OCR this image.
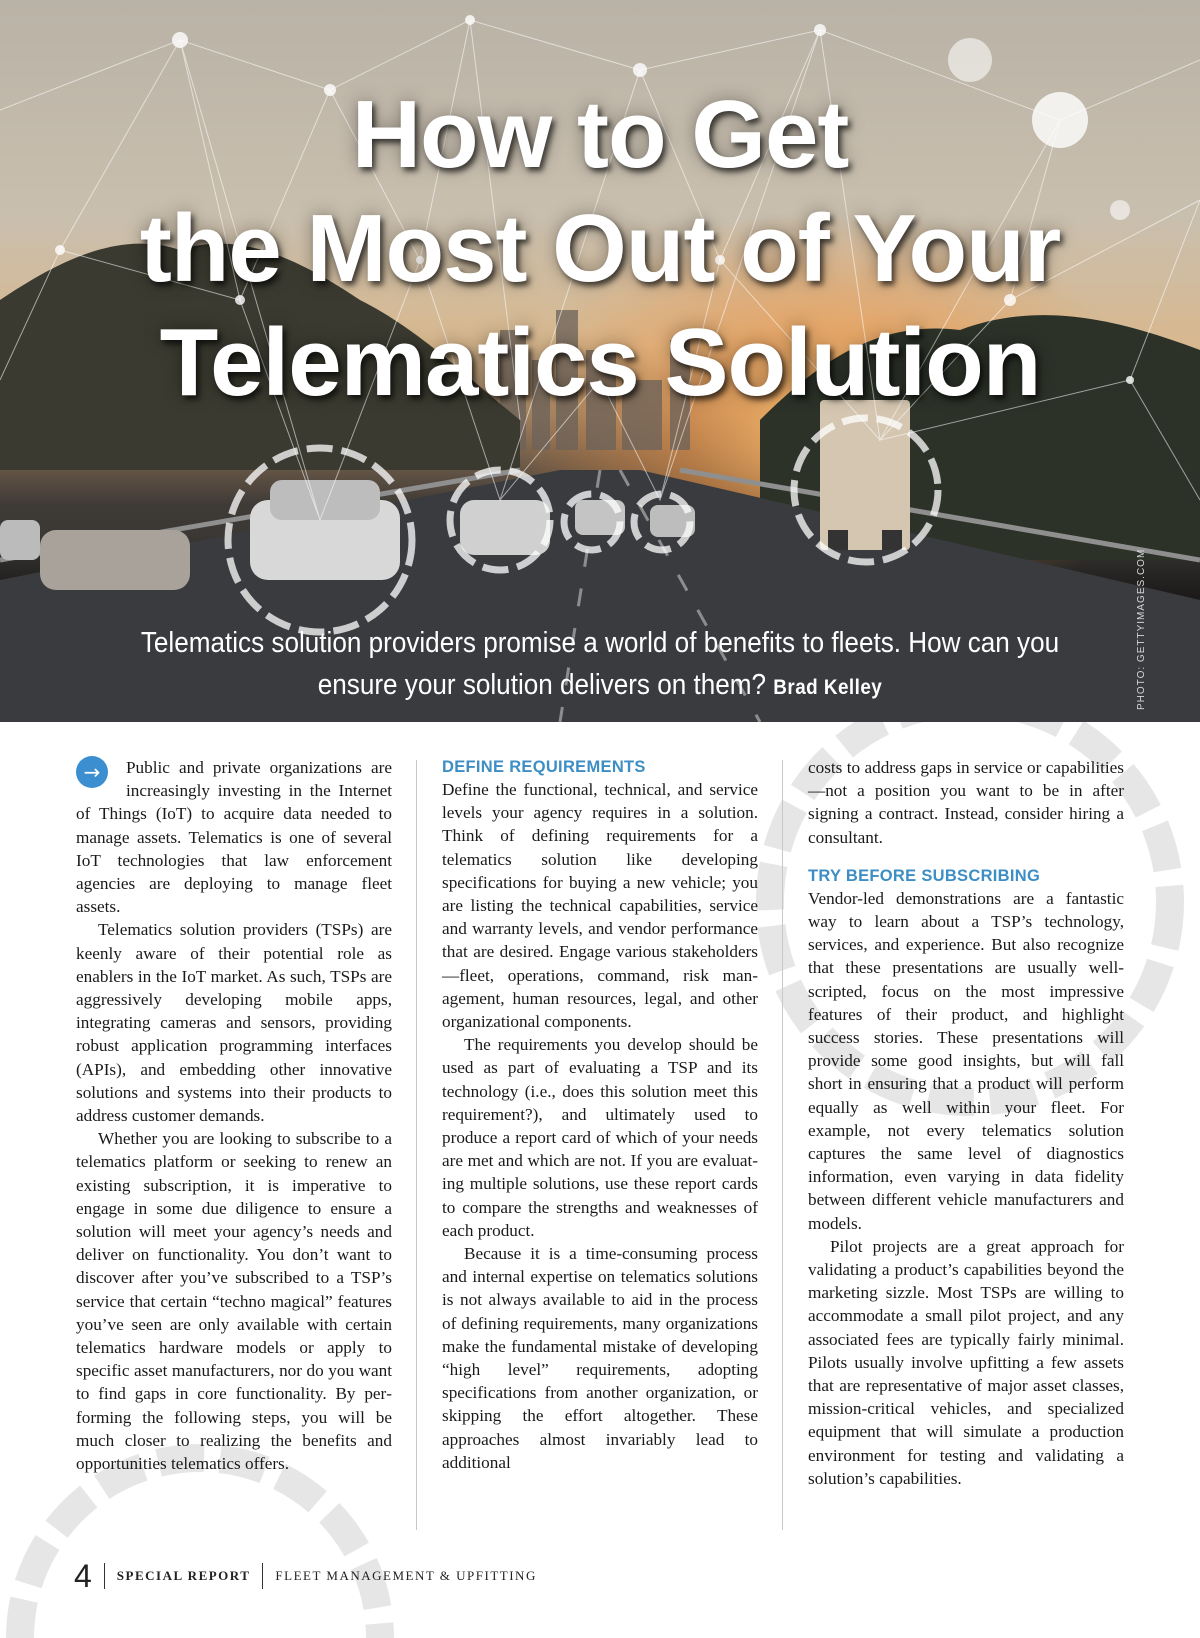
How to Get
the Most Out of Your
Telematics Solution

Telematics solution providers promise a world of benefits to fleets. How can you ensure your solution delivers on them? Brad Kelley	PHOTO: GETTYIMAGES.COM

→	Public and private organizations are increasingly investing in the Internet of Things (IoT) to acquire data needed to manage assets. Telematics is one of several IoT technologies that law enforcement agencies are deploying to manage fleet assets.

Telematics solution providers (TSPs) are keenly aware of their potential role as enablers in the IoT market. As such, TSPs are aggressively developing mobile apps, integrating cameras and sensors, providing robust application programming interfaces (APIs), and embedding other innovative solutions and systems into their products to address customer demands.

Whether you are looking to subscribe to a telematics platform or seeking to renew an existing subscription, it is imperative to engage in some due diligence to ensure a solution will meet your agency’s needs and deliver on functionality. You don’t want to discover after you’ve subscribed to a TSP’s service that certain “techno magical” features you’ve seen are only available with certain telematics hardware models or apply to specific asset manufacturers, nor do you want to find gaps in core functionality. By performing the following steps, you will be much closer to realizing the benefits and opportunities telematics offers.

DEFINE REQUIREMENTS

Define the functional, technical, and service levels your agency requires in a solution. Think of defining requirements for a telematics solution like developing specifications for buying a new vehicle; you are listing the technical capabilities, service and warranty levels, and vendor performance that are desired. Engage various stakeholders—fleet, operations, command, risk management, human resources, legal, and other organizational components.

The requirements you develop should be used as part of evaluating a TSP and its technology (i.e., does this solution meet this requirement?), and ultimately used to produce a report card of which of your needs are met and which are not. If you are evaluating multiple solutions, use these report cards to compare the strengths and weaknesses of each product.

Because it is a time-consuming process and internal expertise on telematics solutions is not always available to aid in the process of defining requirements, many organizations make the fundamental mistake of developing “high level” requirements, adopting specifications from another organization, or skipping the effort altogether. These approaches almost invariably lead to additional

costs to address gaps in service or capabilities—not a position you want to be in after signing a contract. Instead, consider hiring a consultant.

TRY BEFORE SUBSCRIBING

Vendor-led demonstrations are a fantastic way to learn about a TSP’s technology, services, and experience. But also recognize that these presentations are usually well-scripted, focus on the most impressive features of their product, and highlight success stories. These presentations will provide some good insights, but will fall short in ensuring that a product will perform equally as well within your fleet. For example, not every telematics solution captures the same level of diagnostics information, even varying in data fidelity between different vehicle manufacturers and models.

Pilot projects are a great approach for validating a product’s capabilities beyond the marketing sizzle. Most TSPs are willing to accommodate a small pilot project, and any associated fees are typically fairly minimal. Pilots usually involve upfitting a few assets that are representative of major asset classes, mission-critical vehicles, and specialized equipment that will simulate a production environment for testing and validating a solution’s capabilities.

4 SPECIAL REPORT FLEET MANAGEMENT & UPFITTING
